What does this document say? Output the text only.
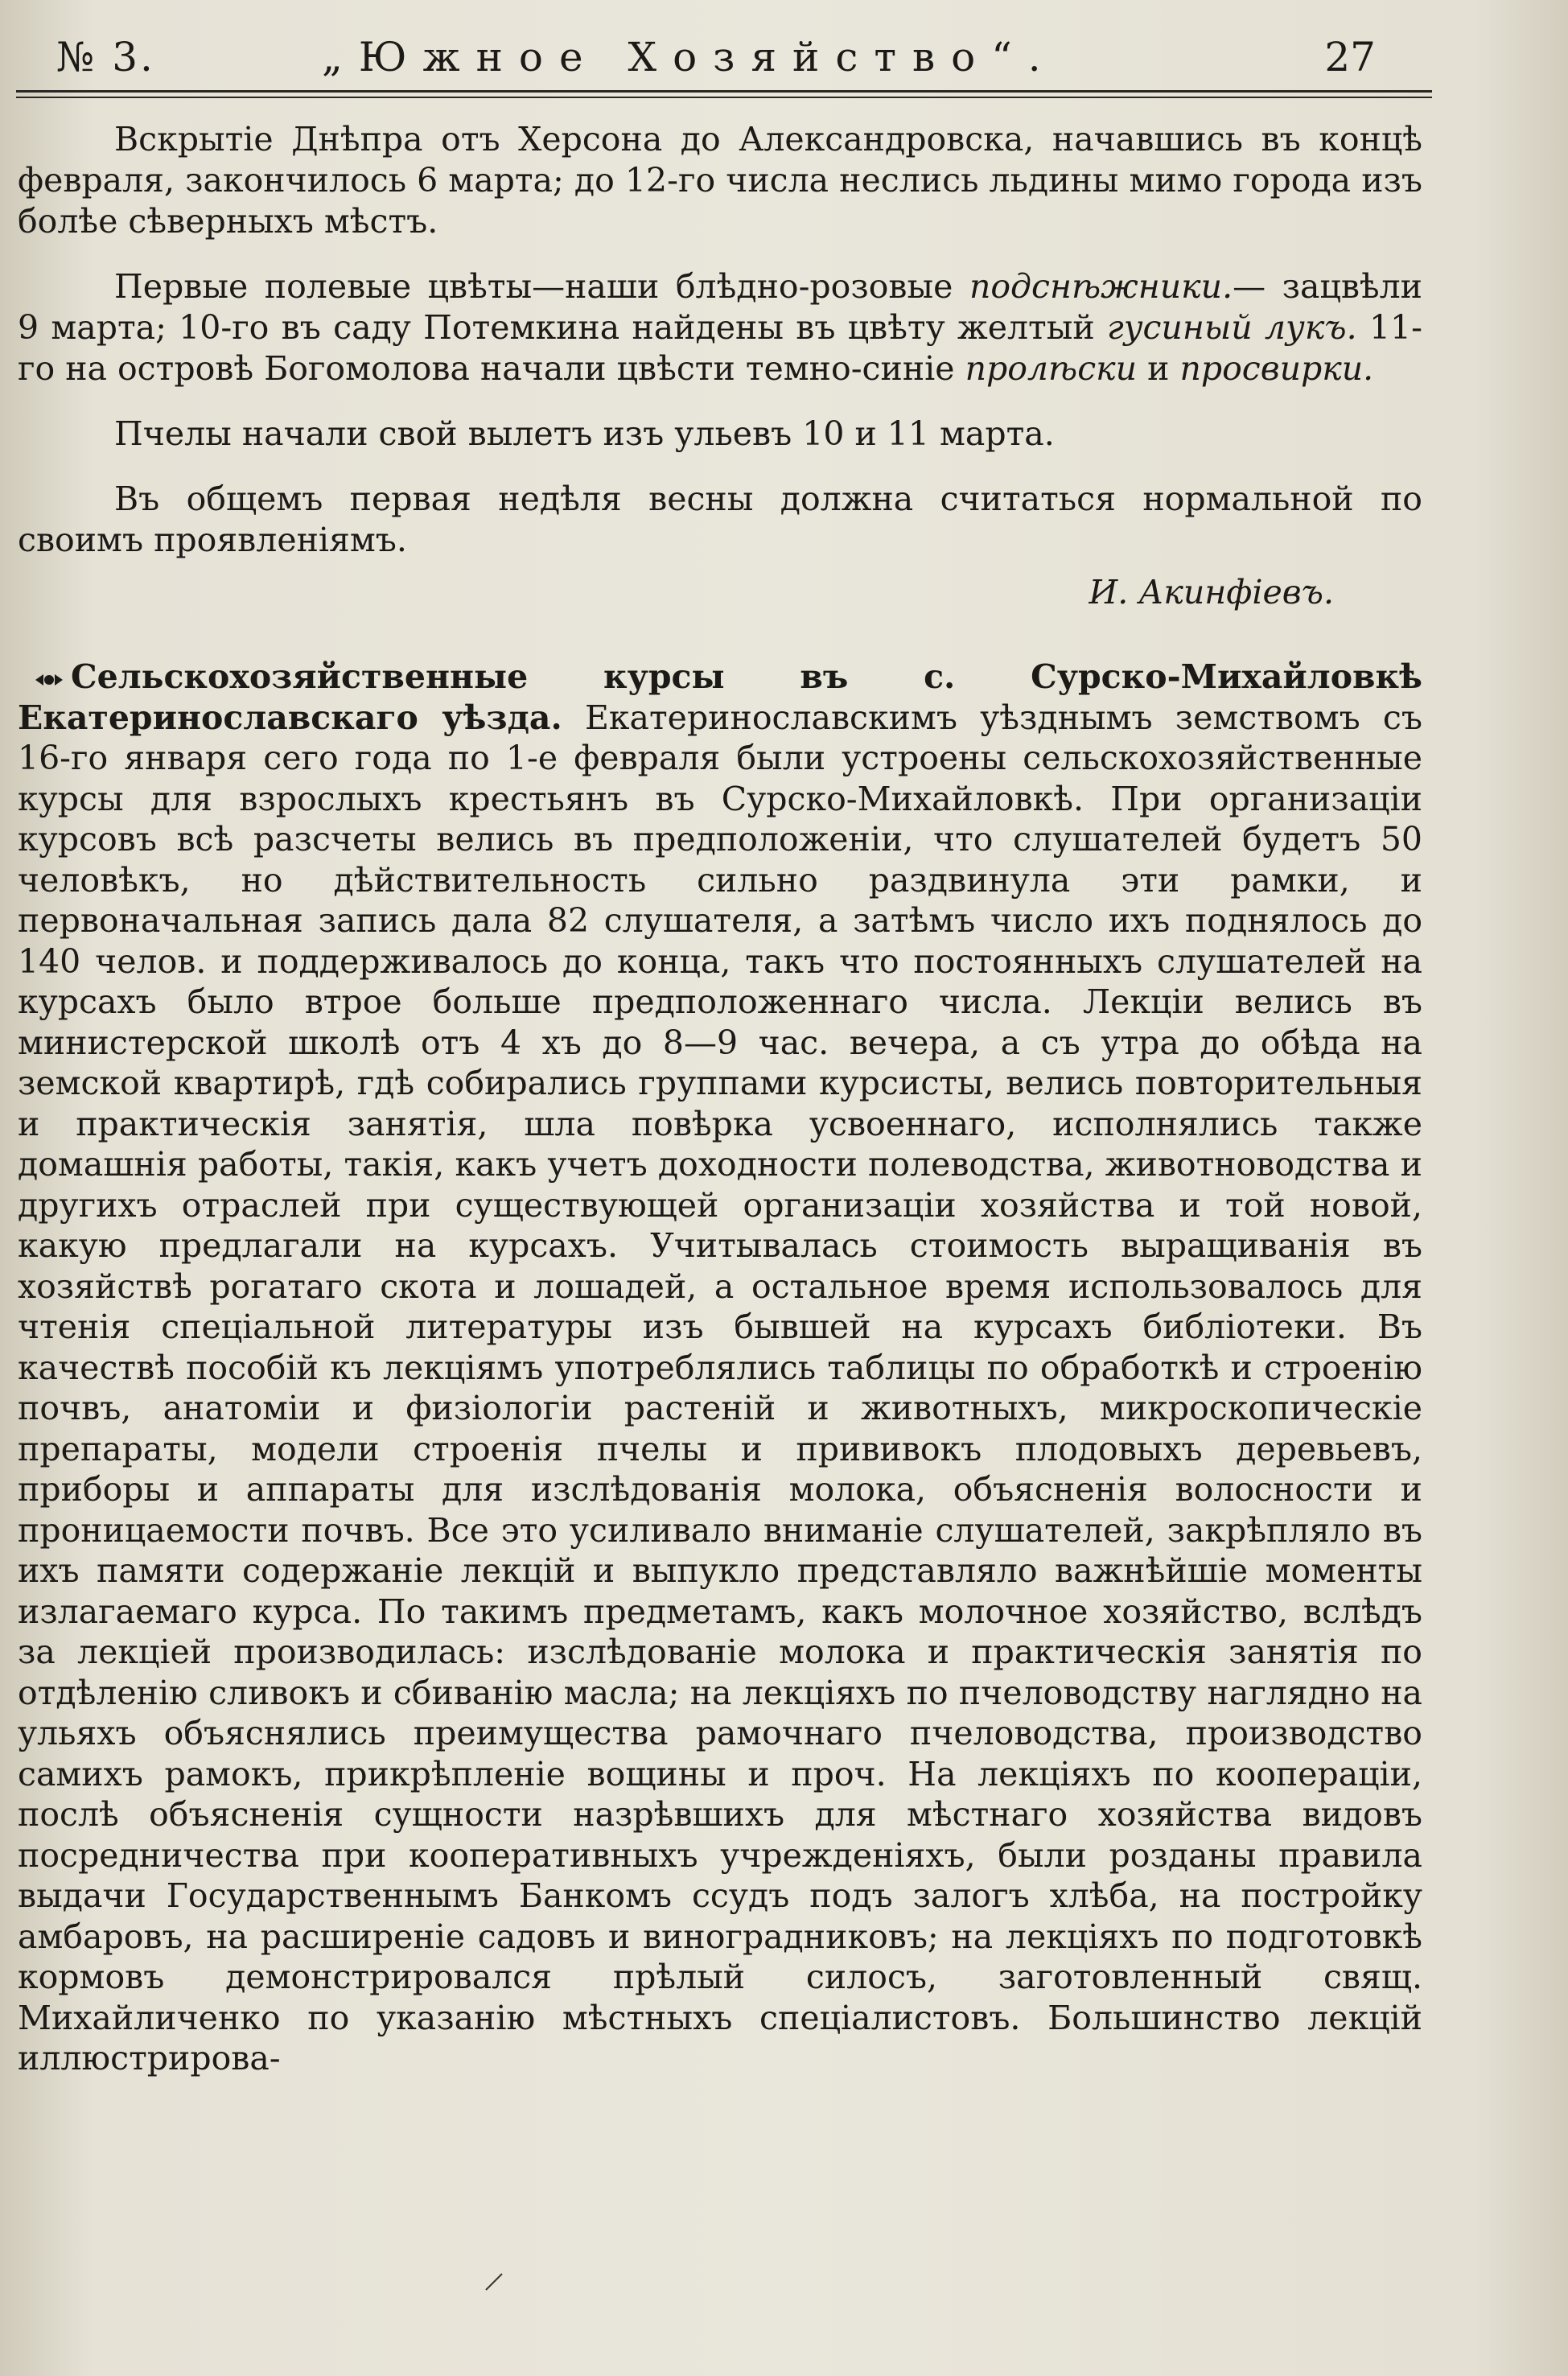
№ 3.	„Южное Хозяйство“.	27

Вскрытіе Днѣпра отъ Херсона до Александровска, начавшись въ концѣ февраля, закончилось 6 марта; до 12-го числа неслись льдины мимо города изъ болѣе сѣверныхъ мѣстъ.

Первые полевые цвѣты—наши блѣдно-розовые подснѣжники.— зацвѣли 9 марта; 10-го въ саду Потемкина найдены въ цвѣту желтый гусиный лукъ. 11-го на островѣ Богомолова начали цвѣсти темно-синіе пролѣски и просвирки.

Пчелы начали свой вылетъ изъ ульевъ 10 и 11 марта.

Въ общемъ первая недѣля весны должна считаться нормальной по своимъ проявленіямъ.

И. Акинфіевъ.

Сельскохозяйственные курсы въ с. Сурско-Михайловкѣ Екатеринославскаго уѣзда. Екатеринославскимъ уѣзднымъ земствомъ съ 16-го января сего года по 1-е февраля были устроены сельскохозяйственные курсы для взрослыхъ крестьянъ въ Сурско-Михайловкѣ. При организаціи курсовъ всѣ разсчеты велись въ предположеніи, что слушателей будетъ 50 человѣкъ, но дѣйствительность сильно раздвинула эти рамки, и первоначальная запись дала 82 слушателя, а затѣмъ число ихъ поднялось до 140 челов. и поддерживалось до конца, такъ что постоянныхъ слушателей на курсахъ было втрое больше предположеннаго числа. Лекціи велись въ министерской школѣ отъ 4 хъ до 8—9 час. вечера, а съ утра до обѣда на земской квартирѣ, гдѣ собирались группами курсисты, велись повторительныя и практическія занятія, шла повѣрка усвоеннаго, исполнялись также домашнія работы, такія, какъ учетъ доходности полеводства, животноводства и другихъ отраслей при существующей организаціи хозяйства и той новой, какую предлагали на курсахъ. Учитывалась стоимость выращиванія въ хозяйствѣ рогатаго скота и лошадей, а остальное время использовалось для чтенія спеціальной литературы изъ бывшей на курсахъ библіотеки. Въ качествѣ пособій къ лекціямъ употреблялись таблицы по обработкѣ и строенію почвъ, анатоміи и физіологіи растеній и животныхъ, микроскопическіе препараты, модели строенія пчелы и прививокъ плодовыхъ деревьевъ, приборы и аппараты для изслѣдованія молока, объясненія волосности и проницаемости почвъ. Все это усиливало вниманіе слушателей, закрѣпляло въ ихъ памяти содержаніе лекцій и выпукло представляло важнѣйшіе моменты излагаемаго курса. По такимъ предметамъ, какъ молочное хозяйство, вслѣдъ за лекціей производилась: изслѣдованіе молока и практическія занятія по отдѣленію сливокъ и сбиванію масла; на лекціяхъ по пчеловодству наглядно на ульяхъ объяснялись преимущества рамочнаго пчеловодства, производство самихъ рамокъ, прикрѣпленіе вощины и проч. На лекціяхъ по коопераціи, послѣ объясненія сущности назрѣвшихъ для мѣстнаго хозяйства видовъ посредничества при кооперативныхъ учрежденіяхъ, были розданы правила выдачи Государственнымъ Банкомъ ссудъ подъ залогъ хлѣба, на постройку амбаровъ, на расширеніе садовъ и виноградниковъ; на лекціяхъ по подготовкѣ кормовъ демонстрировался прѣлый силосъ, заготовленный свящ. Михайличенко по указанію мѣстныхъ спеціалистовъ. Большинство лекцій иллюстрирова-
